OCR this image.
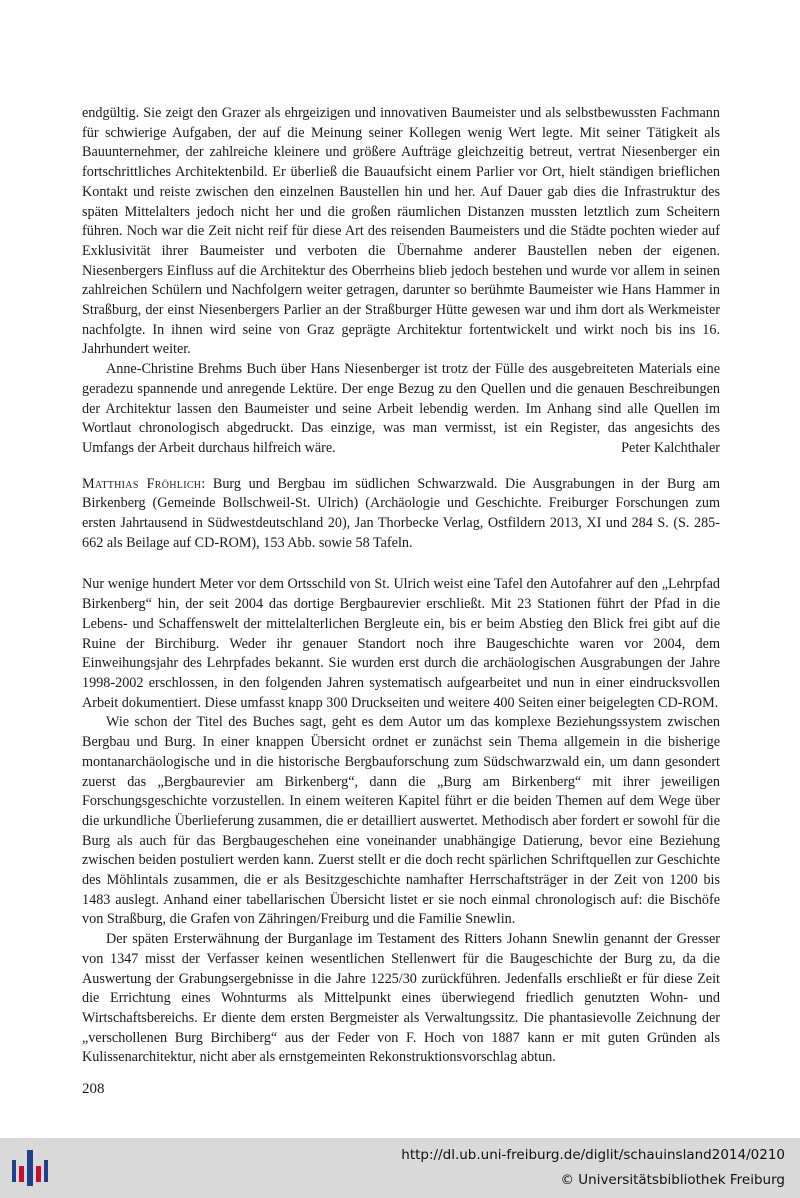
endgültig. Sie zeigt den Grazer als ehrgeizigen und innovativen Baumeister und als selbstbewussten Fachmann für schwierige Aufgaben, der auf die Meinung seiner Kollegen wenig Wert legte. Mit seiner Tätigkeit als Bauunternehmer, der zahlreiche kleinere und größere Aufträge gleichzeitig betreut, vertrat Niesenberger ein fortschrittliches Architektenbild. Er überließ die Bauaufsicht einem Parlier vor Ort, hielt ständigen brieflichen Kontakt und reiste zwischen den einzelnen Baustellen hin und her. Auf Dauer gab dies die Infrastruktur des späten Mittelalters jedoch nicht her und die großen räumlichen Distanzen mussten letztlich zum Scheitern führen. Noch war die Zeit nicht reif für diese Art des reisenden Baumeisters und die Städte pochten wieder auf Exklusivität ihrer Baumeister und verboten die Übernahme anderer Baustellen neben der eigenen. Niesenbergers Einfluss auf die Architektur des Oberrheins blieb jedoch bestehen und wurde vor allem in seinen zahlreichen Schülern und Nachfolgern weiter getragen, darunter so berühmte Baumeister wie Hans Hammer in Straßburg, der einst Niesenbergers Parlier an der Straßburger Hütte gewesen war und ihm dort als Werkmeister nachfolgte. In ihnen wird seine von Graz geprägte Architektur fortentwickelt und wirkt noch bis ins 16. Jahrhundert weiter.

Anne-Christine Brehms Buch über Hans Niesenberger ist trotz der Fülle des ausgebreiteten Materials eine geradezu spannende und anregende Lektüre. Der enge Bezug zu den Quellen und die genauen Beschreibungen der Architektur lassen den Baumeister und seine Arbeit lebendig werden. Im Anhang sind alle Quellen im Wortlaut chronologisch abgedruckt. Das einzige, was man vermisst, ist ein Register, das angesichts des Umfangs der Arbeit durchaus hilfreich wäre.	Peter Kalchthaler

Matthias Fröhlich: Burg und Bergbau im südlichen Schwarzwald. Die Ausgrabungen in der Burg am Birkenberg (Gemeinde Bollschweil-St. Ulrich) (Archäologie und Geschichte. Freiburger Forschungen zum ersten Jahrtausend in Südwestdeutschland 20), Jan Thorbecke Verlag, Ostfildern 2013, XI und 284 S. (S. 285-662 als Beilage auf CD-ROM), 153 Abb. sowie 58 Tafeln.

Nur wenige hundert Meter vor dem Ortsschild von St. Ulrich weist eine Tafel den Autofahrer auf den „Lehrpfad Birkenberg“ hin, der seit 2004 das dortige Bergbaurevier erschließt. Mit 23 Stationen führt der Pfad in die Lebens- und Schaffenswelt der mittelalterlichen Bergleute ein, bis er beim Abstieg den Blick frei gibt auf die Ruine der Birchiburg. Weder ihr genauer Standort noch ihre Baugeschichte waren vor 2004, dem Einweihungsjahr des Lehrpfades bekannt. Sie wurden erst durch die archäologischen Ausgrabungen der Jahre 1998-2002 erschlossen, in den folgenden Jahren systematisch aufgearbeitet und nun in einer eindrucksvollen Arbeit dokumentiert. Diese umfasst knapp 300 Druckseiten und weitere 400 Seiten einer beigelegten CD-ROM.

Wie schon der Titel des Buches sagt, geht es dem Autor um das komplexe Beziehungssystem zwischen Bergbau und Burg. In einer knappen Übersicht ordnet er zunächst sein Thema allgemein in die bisherige montanarchäologische und in die historische Bergbauforschung zum Südschwarzwald ein, um dann gesondert zuerst das „Bergbaurevier am Birkenberg“, dann die „Burg am Birkenberg“ mit ihrer jeweiligen Forschungsgeschichte vorzustellen. In einem weiteren Kapitel führt er die beiden Themen auf dem Wege über die urkundliche Überlieferung zusammen, die er detailliert auswertet. Methodisch aber fordert er sowohl für die Burg als auch für das Bergbaugeschehen eine voneinander unabhängige Datierung, bevor eine Beziehung zwischen beiden postuliert werden kann. Zuerst stellt er die doch recht spärlichen Schriftquellen zur Geschichte des Möhlintals zusammen, die er als Besitzgeschichte namhafter Herrschaftsträger in der Zeit von 1200 bis 1483 auslegt. Anhand einer tabellarischen Übersicht listet er sie noch einmal chronologisch auf: die Bischöfe von Straßburg, die Grafen von Zähringen/Freiburg und die Familie Snewlin.

Der späten Ersterwähnung der Burganlage im Testament des Ritters Johann Snewlin genannt der Gresser von 1347 misst der Verfasser keinen wesentlichen Stellenwert für die Baugeschichte der Burg zu, da die Auswertung der Grabungsergebnisse in die Jahre 1225/30 zurückführen. Jedenfalls erschließt er für diese Zeit die Errichtung eines Wohnturms als Mittelpunkt eines überwiegend friedlich genutzten Wohn- und Wirtschaftsbereichs. Er diente dem ersten Bergmeister als Verwaltungssitz. Die phantasievolle Zeichnung der „verschollenen Burg Birchiberg“ aus der Feder von F. Hoch von 1887 kann er mit guten Gründen als Kulissenarchitektur, nicht aber als ernstgemeinten Rekonstruktionsvorschlag abtun.

208
http://dl.ub.uni-freiburg.de/diglit/schauinsland2014/0210
© Universitätsbibliothek Freiburg
